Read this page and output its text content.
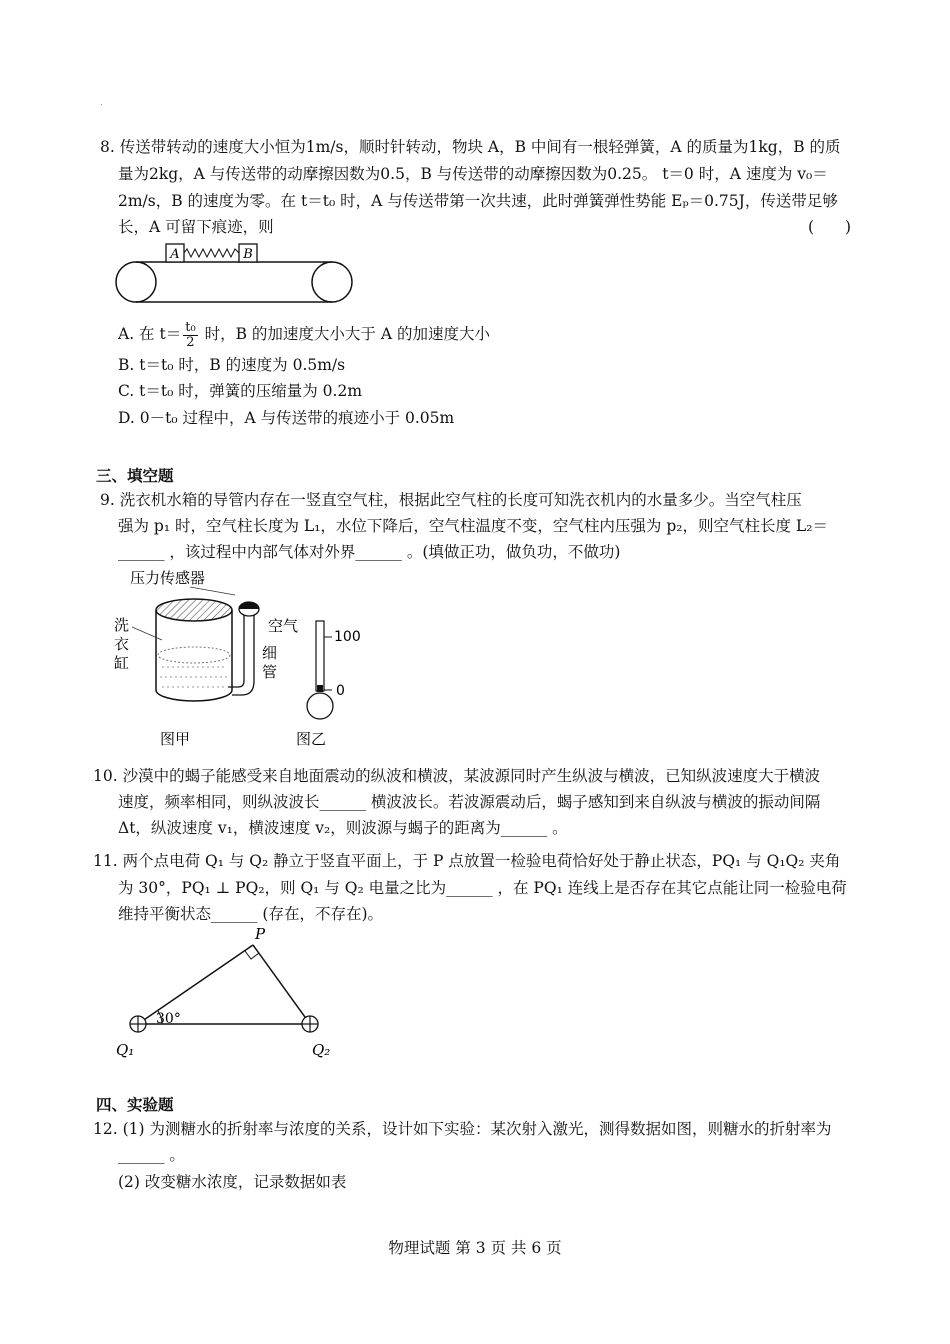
.
8. 传送带转动的速度大小恒为1m/s，顺时针转动，物块 A，B 中间有一根轻弹簧，A 的质量为1kg，B 的质
量为2kg，A 与传送带的动摩擦因数为0.5，B 与传送带的动摩擦因数为0.25。 t＝0 时，A 速度为 v₀＝
2m/s，B 的速度为零。在 t＝t₀ 时，A 与传送带第一次共速，此时弹簧弹性势能 Eₚ＝0.75J，传送带足够
长，A 可留下痕迹，则	(　　)
A	B
A. 在 $t= \frac{\text{t₀}}{2}$ 时，B 的加速度大小大于 A 的加速度大小
B. t＝t₀ 时，B 的速度为 0.5m/s
C. t＝t₀ 时，弹簧的压缩量为 0.2m
D. 0－t₀ 过程中，A 与传送带的痕迹小于 0.05m
三、填空题
9. 洗衣机水箱的导管内存在一竖直空气柱，根据此空气柱的长度可知洗衣机内的水量多少。当空气柱压
强为 p₁ 时，空气柱长度为 L₁，水位下降后，空气柱温度不变，空气柱内压强为 p₂，则空气柱长度 L₂＝
______ ，该过程中内部气体对外界______ 。(填做正功，做负功，不做功)
压力传感器
洗
衣
缸
空气
细
管
100
0
图甲	图乙
10. 沙漠中的蝎子能感受来自地面震动的纵波和横波，某波源同时产生纵波与横波，已知纵波速度大于横波
速度，频率相同，则纵波波长______ 横波波长。若波源震动后，蝎子感知到来自纵波与横波的振动间隔
Δt，纵波速度 v₁，横波速度 v₂，则波源与蝎子的距离为______ 。
11. 两个点电荷 Q₁ 与 Q₂ 静立于竖直平面上，于 P 点放置一检验电荷恰好处于静止状态，PQ₁ 与 Q₁Q₂ 夹角
为 30°，PQ₁ ⊥ PQ₂，则 Q₁ 与 Q₂ 电量之比为______ ，在 PQ₁ 连线上是否存在其它点能让同一检验电荷
维持平衡状态______ (存在，不存在)。
P
30°
Q₁	Q₂
四、实验题
12. (1) 为测糖水的折射率与浓度的关系，设计如下实验：某次射入激光，测得数据如图，则糖水的折射率为
______ 。
(2) 改变糖水浓度，记录数据如表
物理试题 第 3 页 共 6 页
